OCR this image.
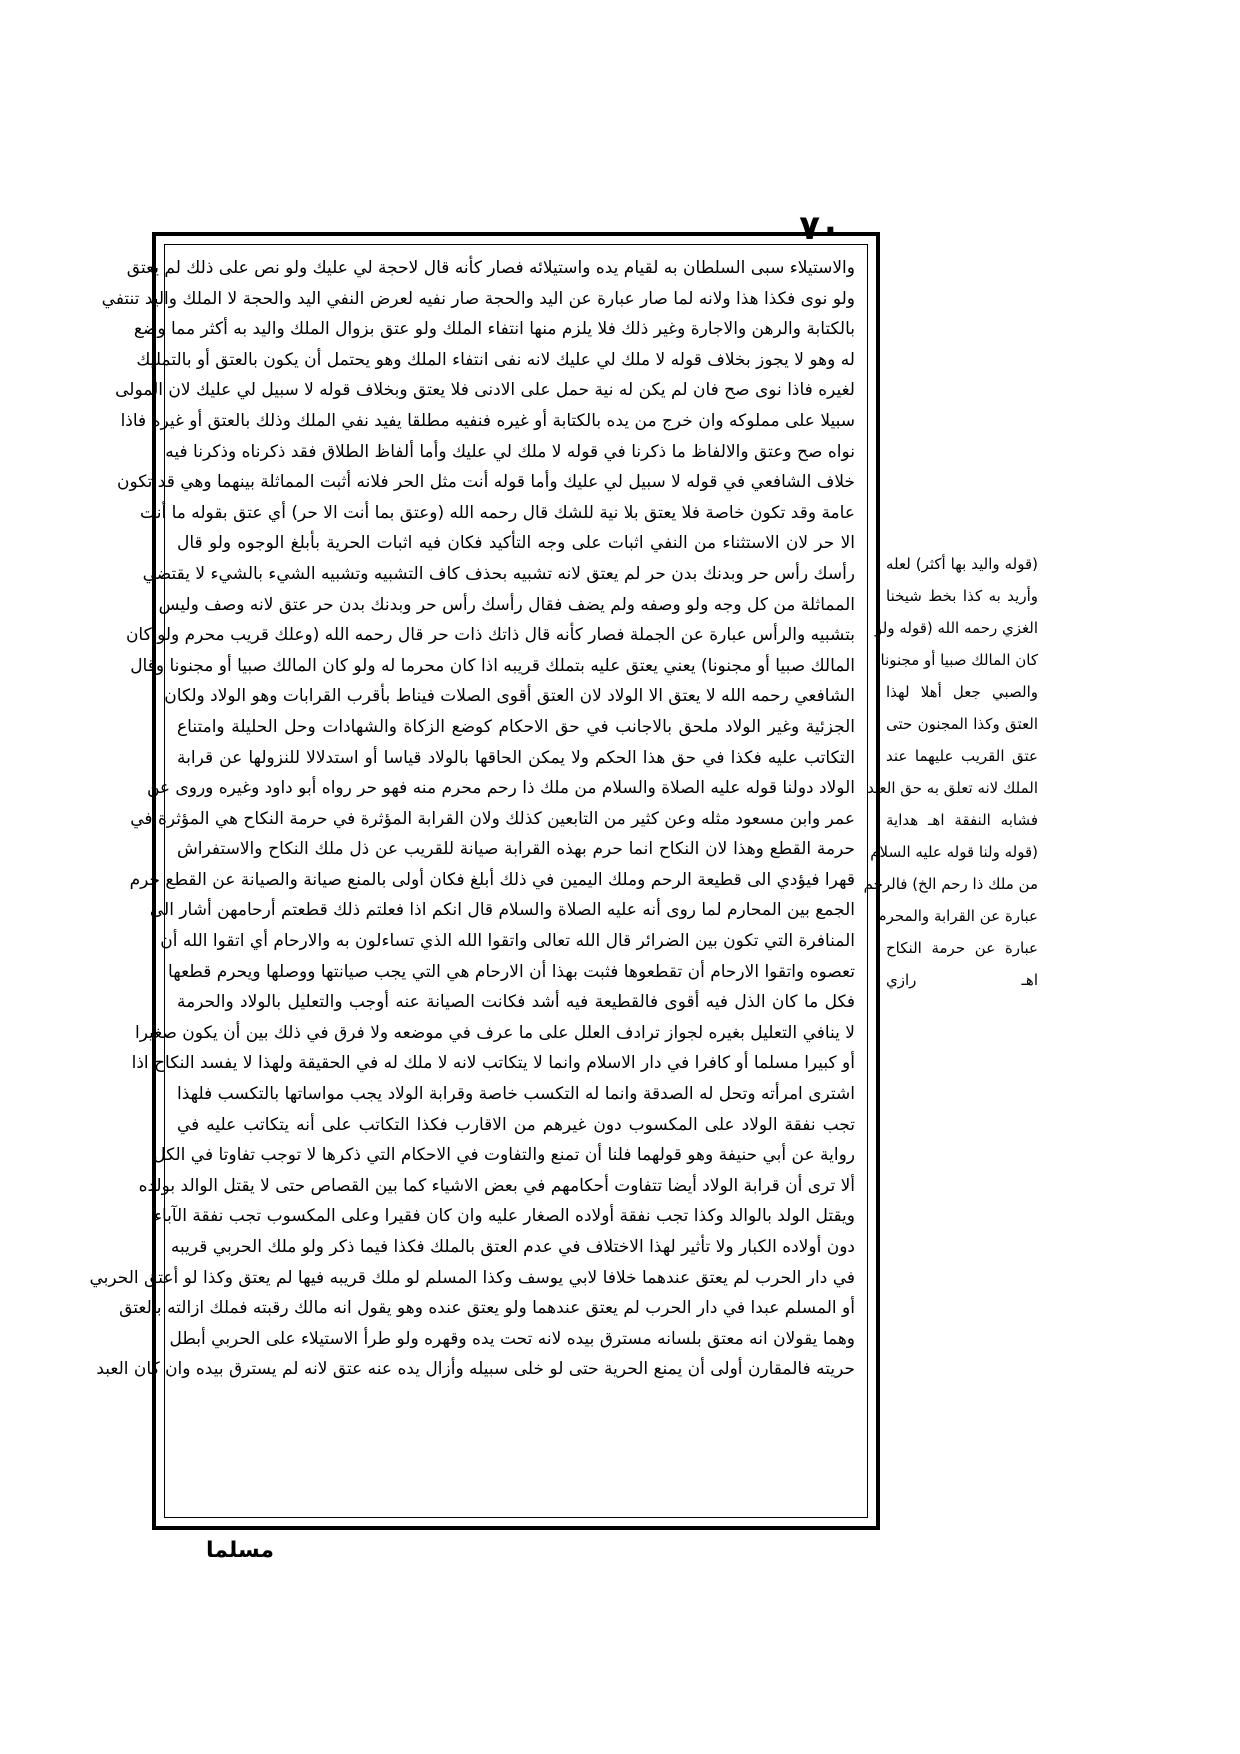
٧٠
والاستيلاء سبى السلطان به لقيام يده واستيلائه فصار كأنه قال لاحجة لي عليك ولو نص على ذلك لم يعتق
ولو نوى فكذا هذا ولانه لما صار عبارة عن اليد والحجة صار نفيه لعرض النفي اليد والحجة لا الملك واليد تنتفي
بالكتابة والرهن والاجارة وغير ذلك فلا يلزم منها انتفاء الملك ولو عتق بزوال الملك واليد به أكثر مما وضع
له وهو لا يجوز بخلاف قوله لا ملك لي عليك لانه نفى انتفاء الملك وهو يحتمل أن يكون بالعتق أو بالتمليك
لغيره فاذا نوى صح فان لم يكن له نية حمل على الادنى فلا يعتق وبخلاف قوله لا سبيل لي عليك لان المولى
سبيلا على مملوكه وان خرج من يده بالكتابة أو غيره فنفيه مطلقا يفيد نفي الملك وذلك بالعتق أو غيره فاذا
نواه صح وعتق والالفاظ ما ذكرنا في قوله لا ملك لي عليك وأما ألفاظ الطلاق فقد ذكرناه وذكرنا فيه
خلاف الشافعي في قوله لا سبيل لي عليك وأما قوله أنت مثل الحر فلانه أثبت المماثلة بينهما وهي قد تكون
عامة وقد تكون خاصة فلا يعتق بلا نية للشك قال رحمه الله (وعتق بما أنت الا حر) أي عتق بقوله ما أنت
الا حر لان الاستثناء من النفي اثبات على وجه التأكيد فكان فيه اثبات الحرية بأبلغ الوجوه ولو قال
رأسك رأس حر وبدنك بدن حر لم يعتق لانه تشبيه بحذف كاف التشبيه وتشبيه الشيء بالشيء لا يقتضي
المماثلة من كل وجه ولو وصفه ولم يضف فقال رأسك رأس حر وبدنك بدن حر عتق لانه وصف وليس
بتشبيه والرأس عبارة عن الجملة فصار كأنه قال ذاتك ذات حر قال رحمه الله (وعلك قريب محرم ولو كان
المالك صبيا أو مجنونا) يعني يعتق عليه بتملك قريبه اذا كان محرما له ولو كان المالك صبيا أو مجنونا وقال
الشافعي رحمه الله لا يعتق الا الولاد لان العتق أقوى الصلات فيناط بأقرب القرابات وهو الولاد ولكان
الجزئية وغير الولاد ملحق بالاجانب في حق الاحكام كوضع الزكاة والشهادات وحل الحليلة وامتناع
التكاتب عليه فكذا في حق هذا الحكم ولا يمكن الحاقها بالولاد قياسا أو استدلالا للنزولها عن قرابة
الولاد دولنا قوله عليه الصلاة والسلام من ملك ذا رحم محرم منه فهو حر رواه أبو داود وغيره وروى عن
عمر وابن مسعود مثله وعن كثير من التابعين كذلك ولان القرابة المؤثرة في حرمة النكاح هي المؤثرة في
حرمة القطع وهذا لان النكاح انما حرم بهذه القرابة صيانة للقريب عن ذل ملك النكاح والاستفراش
قهرا فيؤدي الى قطيعة الرحم وملك اليمين في ذلك أبلغ فكان أولى بالمنع صيانة والصيانة عن القطع حرم
الجمع بين المحارم لما روى أنه عليه الصلاة والسلام قال انكم اذا فعلتم ذلك قطعتم أرحامهن أشار الى
المنافرة التي تكون بين الضرائر قال الله تعالى واتقوا الله الذي تساءلون به والارحام أي اتقوا الله أن
تعصوه واتقوا الارحام أن تقطعوها فثبت بهذا أن الارحام هي التي يجب صيانتها ووصلها ويحرم قطعها
فكل ما كان الذل فيه أقوى فالقطيعة فيه أشد فكانت الصيانة عنه أوجب والتعليل بالولاد والحرمة
لا ينافي التعليل بغيره لجواز ترادف العلل على ما عرف في موضعه ولا فرق في ذلك بين أن يكون صغيرا
أو كبيرا مسلما أو كافرا في دار الاسلام وانما لا يتكاتب لانه لا ملك له في الحقيقة ولهذا لا يفسد النكاح اذا
اشترى امرأته وتحل له الصدقة وانما له التكسب خاصة وقرابة الولاد يجب مواساتها بالتكسب فلهذا
تجب نفقة الولاد على المكسوب دون غيرهم من الاقارب فكذا التكاتب على أنه يتكاتب عليه في
رواية عن أبي حنيفة وهو قولهما فلنا أن تمنع والتفاوت في الاحكام التي ذكرها لا توجب تفاوتا في الكل
ألا ترى أن قرابة الولاد أيضا تتفاوت أحكامهم في بعض الاشياء كما بين القصاص حتى لا يقتل الوالد بولده
ويقتل الولد بالوالد وكذا تجب نفقة أولاده الصغار عليه وان كان فقيرا وعلى المكسوب تجب نفقة الآباء
دون أولاده الكبار ولا تأثير لهذا الاختلاف في عدم العتق بالملك فكذا فيما ذكر ولو ملك الحربي قريبه
في دار الحرب لم يعتق عندهما خلافا لابي يوسف وكذا المسلم لو ملك قريبه فيها لم يعتق وكذا لو أعتق الحربي
أو المسلم عبدا في دار الحرب لم يعتق عندهما ولو يعتق عنده وهو يقول انه مالك رقبته فملك ازالته بالعتق
وهما يقولان انه معتق بلسانه مسترق بيده لانه تحت يده وقهره ولو طرأ الاستيلاء على الحربي أبطل
حريته فالمقارن أولى أن يمنع الحرية حتى لو خلى سبيله وأزال يده عنه عتق لانه لم يسترق بيده وان كان العبد
(قوله واليد بها أكثر) لعله
وأريد به كذا بخط شيخنا
الغزي رحمه الله (قوله ولو
كان المالك صبيا أو مجنونا)
والصبي جعل أهلا لهذا
العتق وكذا المجنون حتى
عتق القريب عليهما عند
الملك لانه تعلق به حق العبد
فشابه النفقة اهـ هداية
(قوله ولنا قوله عليه السلام
من ملك ذا رحم الخ) فالرحم
عبارة عن القرابة والمحرم
عبارة عن حرمة النكاح
اهـ رازي
مسلما
